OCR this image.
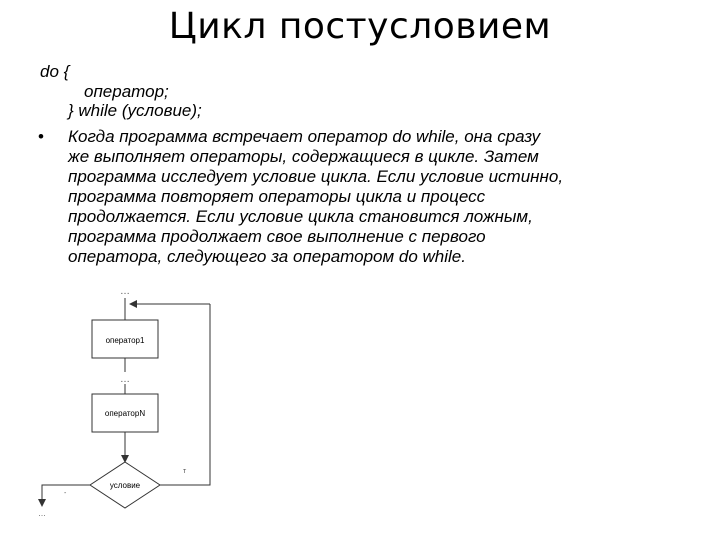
Цикл постусловием
do {
оператор;
} while (условие);
• Когда программа встречает оператор do while, она сразу
же выполняет операторы, содержащиеся в цикле. Затем
программа исследует условие цикла. Если условие истинно,
программа повторяет операторы цикла и процесс
продолжается. Если условие цикла становится ложным,
программа продолжает свое выполнение с первого
оператора, следующего за оператором do while.
…
оператор1
…
операторN
условие
т
-
…
